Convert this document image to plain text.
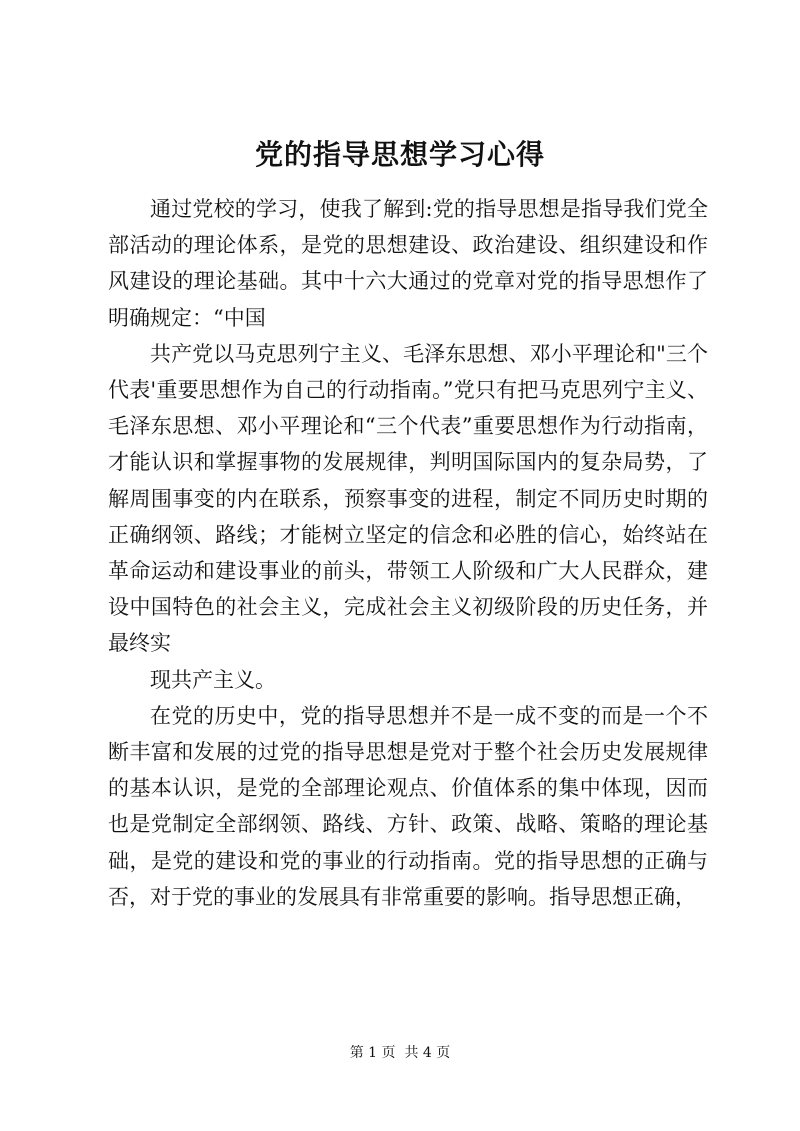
党的指导思想学习心得

通过党校的学习，使我了解到:党的指导思想是指导我们党全部活动的理论体系，是党的思想建设、政治建设、组织建设和作风建设的理论基础。其中十六大通过的党章对党的指导思想作了明确规定：“中国

共产党以马克思列宁主义、毛泽东思想、邓小平理论和"三个代表'重要思想作为自己的行动指南。”党只有把马克思列宁主义、毛泽东思想、邓小平理论和“三个代表”重要思想作为行动指南，才能认识和掌握事物的发展规律，判明国际国内的复杂局势，了解周围事变的内在联系，预察事变的进程，制定不同历史时期的正确纲领、路线；才能树立坚定的信念和必胜的信心，始终站在革命运动和建设事业的前头，带领工人阶级和广大人民群众，建设中国特色的社会主义，完成社会主义初级阶段的历史任务，并最终实

现共产主义。

在党的历史中，党的指导思想并不是一成不变的而是一个不断丰富和发展的过党的指导思想是党对于整个社会历史发展规律的基本认识，是党的全部理论观点、价值体系的集中体现，因而也是党制定全部纲领、路线、方针、政策、战略、策略的理论基础，是党的建设和党的事业的行动指南。党的指导思想的正确与否，对于党的事业的发展具有非常重要的影响。指导思想正确，

第 1 页 共 4 页
